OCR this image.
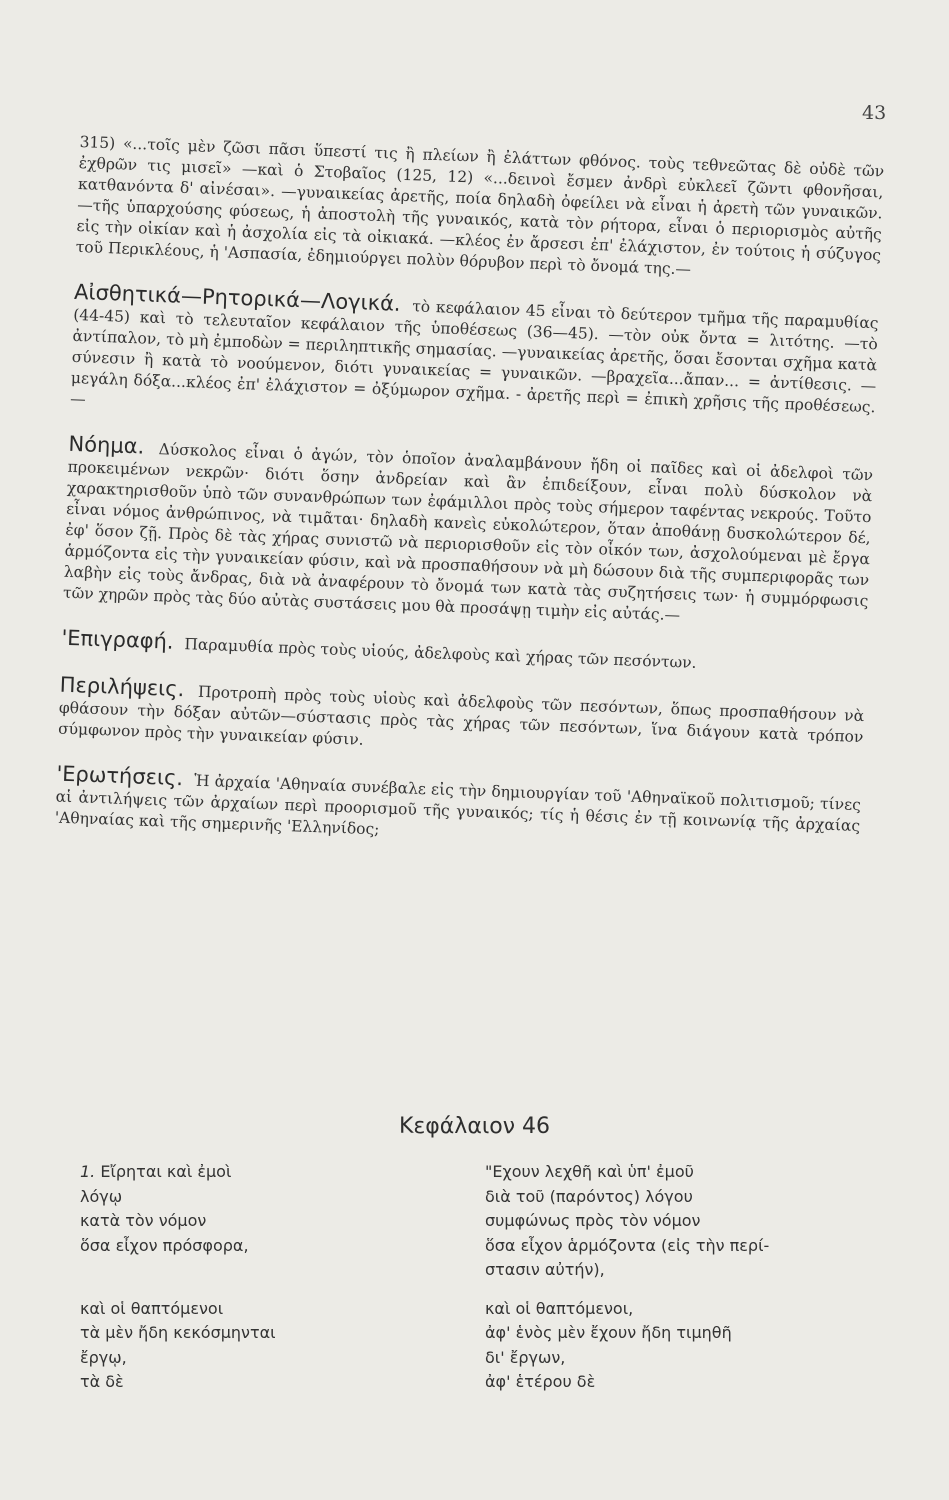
43

315) «...τοῖς μὲν ζῶσι πᾶσι ὕπεστί τις ἢ πλείων ἢ ἐλάττων φθόνος. τοὺς τεθνεῶτας δὲ οὐδὲ τῶν ἐχθρῶν τις μισεῖ» —καὶ ὁ Στοβαῖος (125, 12) «...δεινοὶ ἔσμεν ἀνδρὶ εὐκλεεῖ ζῶντι φθονῆσαι, κατθανόντα δ' αἰνέσαι». —γυναικείας ἀρετῆς, ποία δηλαδὴ ὀφείλει νὰ εἶναι ἡ ἀρετὴ τῶν γυναικῶν. —τῆς ὑπαρχούσης φύσεως, ἡ ἀποστολὴ τῆς γυναικός, κατὰ τὸν ρήτορα, εἶναι ὁ περιορισμὸς αὐτῆς εἰς τὴν οἰκίαν καὶ ἡ ἀσχολία εἰς τὰ οἰκιακά. —κλέος ἐν ἄρσεσι ἐπ' ἐλάχιστον, ἐν τούτοις ἡ σύζυγος τοῦ Περικλέους, ἡ 'Ασπασία, ἐδημιούργει πολὺν θόρυβον περὶ τὸ ὄνομά της.—

Αἰσθητικά—Ρητορικά—Λογικά. τὸ κεφάλαιον 45 εἶναι τὸ δεύτερον τμῆμα τῆς παραμυθίας (44-45) καὶ τὸ τελευταῖον κεφάλαιον τῆς ὑποθέσεως (36—45). —τὸν οὐκ ὄντα = λιτότης. —τὸ ἀντίπαλον, τὸ μὴ ἐμποδὼν = περιληπτικῆς σημασίας. —γυναικείας ἀρετῆς, ὅσαι ἔσονται σχῆμα κατὰ σύνεσιν ἢ κατὰ τὸ νοούμενον, διότι γυναικείας = γυναικῶν. —βραχεῖα...ἄπαν... = ἀντίθεσις. —μεγάλη δόξα...κλέος ἐπ' ἐλάχιστον = ὀξύμωρον σχῆμα. - ἀρετῆς περὶ = ἐπικὴ χρῆσις τῆς προθέσεως. —

Νόημα. Δύσκολος εἶναι ὁ ἀγών, τὸν ὁποῖον ἀναλαμβάνουν ἤδη οἱ παῖδες καὶ οἱ ἀδελφοὶ τῶν προκειμένων νεκρῶν· διότι ὅσην ἀνδρείαν καὶ ἂν ἐπιδείξουν, εἶναι πολὺ δύσκολον νὰ χαρακτηρισθοῦν ὑπὸ τῶν συνανθρώπων των ἐφάμιλλοι πρὸς τοὺς σήμερον ταφέντας νεκρούς. Τοῦτο εἶναι νόμος ἀνθρώπινος, νὰ τιμᾶται· δηλαδὴ κανεὶς εὐκολώτερον, ὅταν ἀποθάνῃ δυσκολώτερον δέ, ἐφ' ὅσον ζῇ. Πρὸς δὲ τὰς χήρας συνιστῶ νὰ περιορισθοῦν εἰς τὸν οἶκόν των, ἀσχολούμεναι μὲ ἔργα ἁρμόζοντα εἰς τὴν γυναικείαν φύσιν, καὶ νὰ προσπαθήσουν νὰ μὴ δώσουν διὰ τῆς συμπεριφορᾶς των λαβὴν εἰς τοὺς ἄνδρας, διὰ νὰ ἀναφέρουν τὸ ὄνομά των κατὰ τὰς συζητήσεις των· ἡ συμμόρφωσις τῶν χηρῶν πρὸς τὰς δύο αὐτὰς συστάσεις μου θὰ προσάψῃ τιμὴν εἰς αὐτάς.—

'Επιγραφή. Παραμυθία πρὸς τοὺς υἱούς, ἀδελφοὺς καὶ χήρας τῶν πεσόντων.

Περιλήψεις. Προτροπὴ πρὸς τοὺς υἱοὺς καὶ ἀδελφοὺς τῶν πεσόντων, ὅπως προσπαθήσουν νὰ φθάσουν τὴν δόξαν αὐτῶν—σύστασις πρὸς τὰς χήρας τῶν πεσόντων, ἵνα διάγουν κατὰ τρόπον σύμφωνον πρὸς τὴν γυναικείαν φύσιν.

'Ερωτήσεις. Ἡ ἀρχαία 'Αθηναία συνέβαλε εἰς τὴν δημιουργίαν τοῦ 'Αθηναϊκοῦ πολιτισμοῦ; τίνες αἱ ἀντιλήψεις τῶν ἀρχαίων περὶ προορισμοῦ τῆς γυναικός; τίς ἡ θέσις ἐν τῇ κοινωνίᾳ τῆς ἀρχαίας 'Αθηναίας καὶ τῆς σημερινῆς 'Ελληνίδος;

Κεφάλαιον 46
1. Εἴρηται καὶ ἐμοὶ
λόγῳ
κατὰ τὸν νόμον
ὅσα εἶχον πρόσφορα,
καὶ οἱ θαπτόμενοι
τὰ μὲν ἤδη κεκόσμηνται
ἔργῳ,
τὰ δὲ
"Εχουν λεχθῆ καὶ ὑπ' ἐμοῦ
διὰ τοῦ (παρόντος) λόγου
συμφώνως πρὸς τὸν νόμον
ὅσα εἶχον ἁρμόζοντα (εἰς τὴν περί-
στασιν αὐτήν),
καὶ οἱ θαπτόμενοι,
ἀφ' ἑνὸς μὲν ἔχουν ἤδη τιμηθῆ
δι' ἔργων,
ἀφ' ἑτέρου δὲ
